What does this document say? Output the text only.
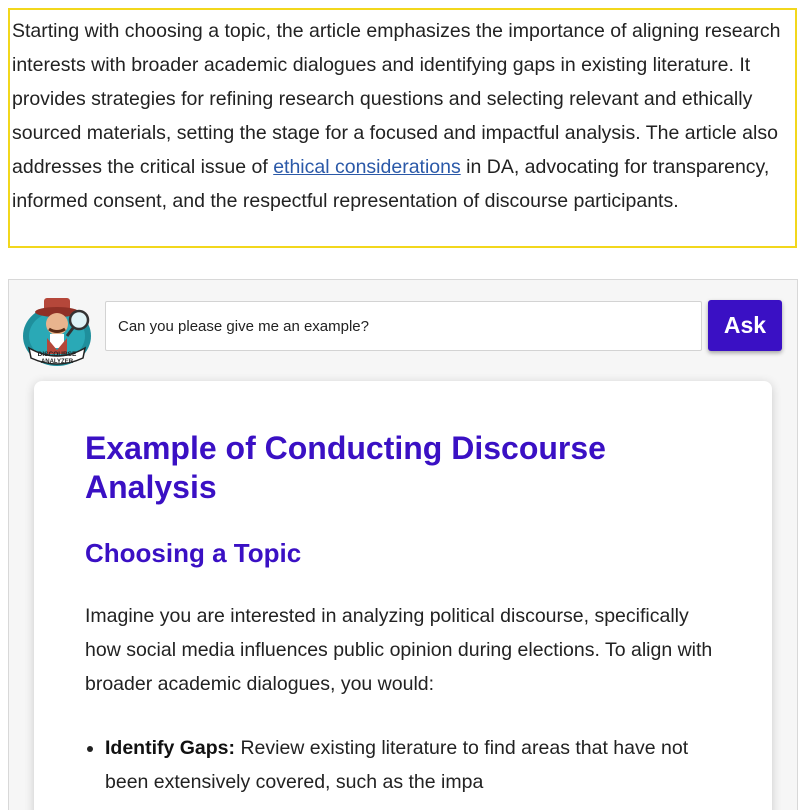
Starting with choosing a topic, the article emphasizes the importance of aligning research interests with broader academic dialogues and identifying gaps in existing literature. It provides strategies for refining research questions and selecting relevant and ethically sourced materials, setting the stage for a focused and impactful analysis. The article also addresses the critical issue of ethical considerations in DA, advocating for transparency, informed consent, and the respectful representation of discourse participants.
DISCOURSE
ANALYZER
Can you please give me an example?
Ask
Example of Conducting Discourse Analysis
Choosing a Topic

Imagine you are interested in analyzing political discourse, specifically how social media influences public opinion during elections. To align with broader academic dialogues, you would:

• Identify Gaps: Review existing literature to find areas that have not been extensively covered, such as the impa
